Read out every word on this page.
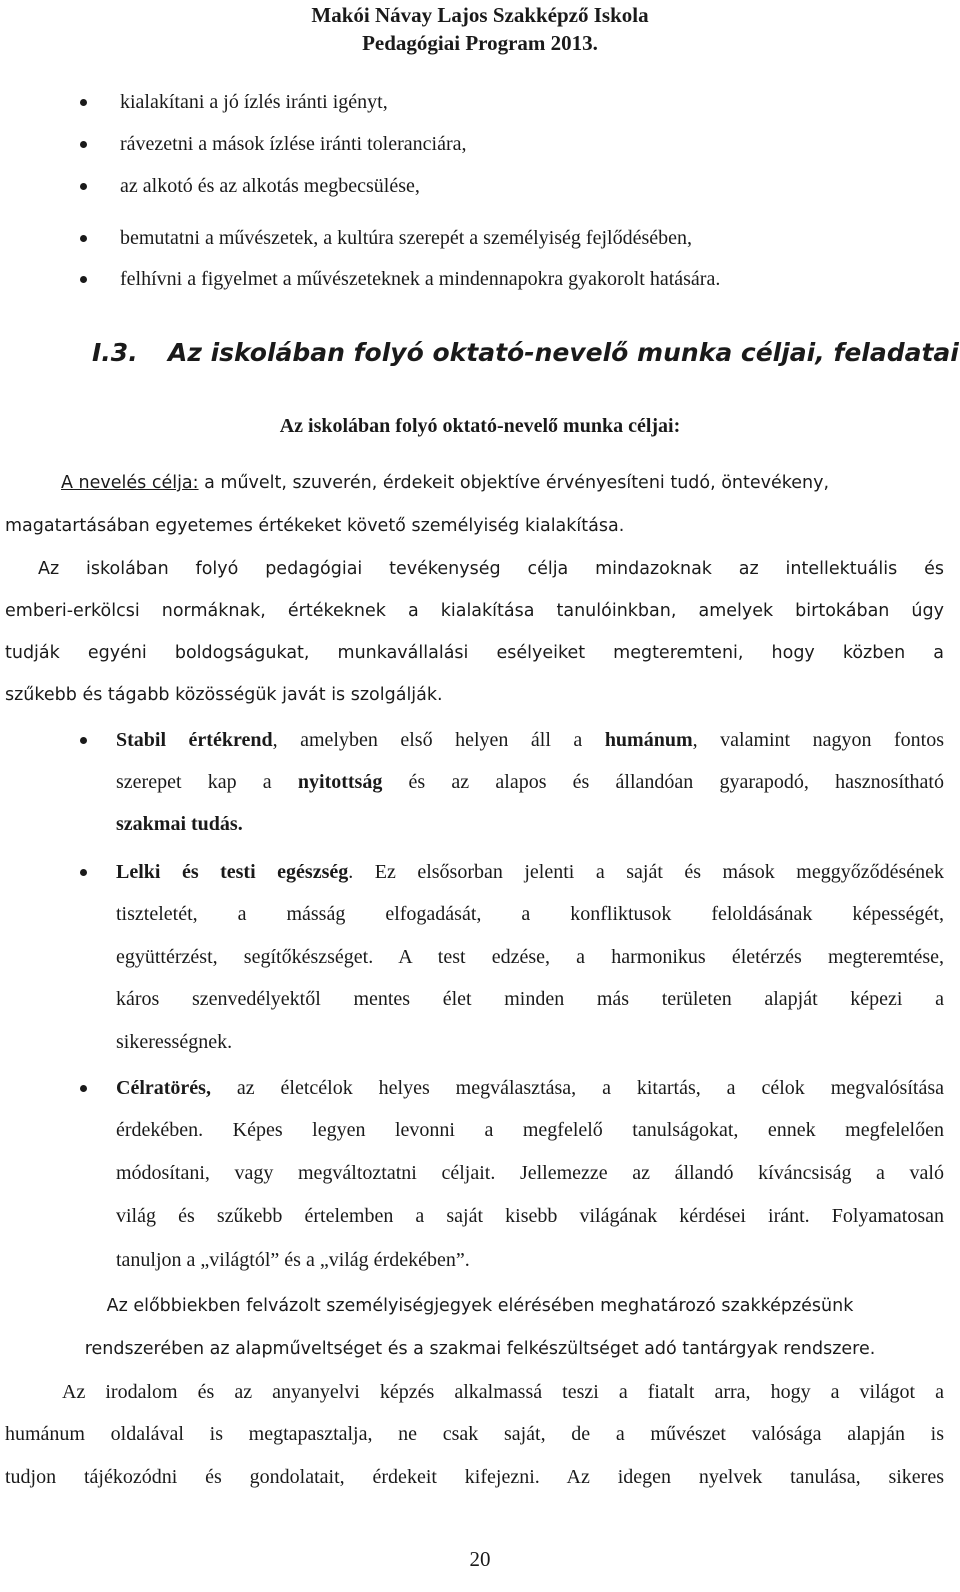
Makói Návay Lajos Szakképző Iskola
Pedagógiai Program 2013.
kialakítani a jó ízlés iránti igényt,
rávezetni a mások ízlése iránti toleranciára,
az alkotó és az alkotás megbecsülése,
bemutatni a művészetek, a kultúra szerepét a személyiség fejlődésében,
felhívni a figyelmet a művészeteknek a mindennapokra gyakorolt hatására.
I.3. Az iskolában folyó oktató-nevelő munka céljai, feladatai
Az iskolában folyó oktató-nevelő munka céljai:
A nevelés célja: a művelt, szuverén, érdekeit objektíve érvényesíteni tudó, öntevékeny,
magatartásában egyetemes értékeket követő személyiség kialakítása.
Az iskolában folyó pedagógiai tevékenység célja mindazoknak az intellektuális és
emberi-erkölcsi normáknak, értékeknek a kialakítása tanulóinkban, amelyek birtokában úgy
tudják egyéni boldogságukat, munkavállalási esélyeiket megteremteni, hogy közben a
szűkebb és tágabb közösségük javát is szolgálják.
Stabil értékrend, amelyben első helyen áll a humánum, valamint nagyon fontos
szerepet kap a nyitottság és az alapos és állandóan gyarapodó, hasznosítható
szakmai tudás.
Lelki és testi egészség. Ez elsősorban jelenti a saját és mások meggyőződésének
tiszteletét, a másság elfogadását, a konfliktusok feloldásának képességét,
együttérzést, segítőkészséget. A test edzése, a harmonikus életérzés megteremtése,
káros szenvedélyektől mentes élet minden más területen alapját képezi a
sikerességnek.
Célratörés, az életcélok helyes megválasztása, a kitartás, a célok megvalósítása
érdekében. Képes legyen levonni a megfelelő tanulságokat, ennek megfelelően
módosítani, vagy megváltoztatni céljait. Jellemezze az állandó kíváncsiság a való
világ és szűkebb értelemben a saját kisebb világának kérdései iránt. Folyamatosan
tanuljon a „világtól” és a „világ érdekében”.
Az előbbiekben felvázolt személyiségjegyek elérésében meghatározó szakképzésünk
rendszerében az alapműveltséget és a szakmai felkészültséget adó tantárgyak rendszere.
Az irodalom és az anyanyelvi képzés alkalmassá teszi a fiatalt arra, hogy a világot a
humánum oldalával is megtapasztalja, ne csak saját, de a művészet valósága alapján is
tudjon tájékozódni és gondolatait, érdekeit kifejezni. Az idegen nyelvek tanulása, sikeres
20
